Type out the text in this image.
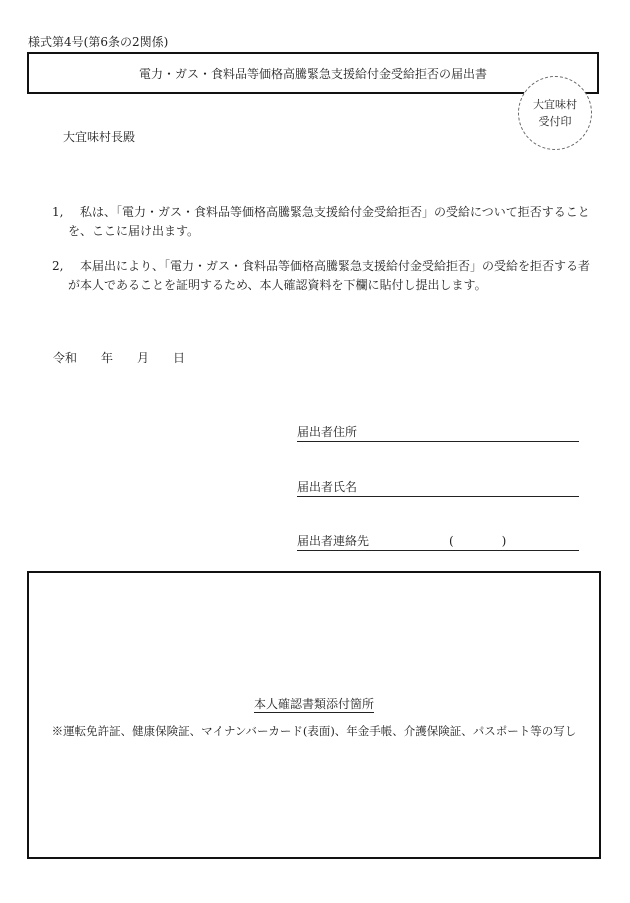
様式第4号(第6条の2関係)
電力・ガス・食料品等価格高騰緊急支援給付金受給拒否の届出書
大宜味村
受付印
大宜味村長殿
1,	私は、「電力・ガス・食料品等価格高騰緊急支援給付金受給拒否」の受給について拒否すること
を、ここに届け出ます。
2,	本届出により、「電力・ガス・食料品等価格高騰緊急支援給付金受給拒否」の受給を拒否する者
が本人であることを証明するため、本人確認資料を下欄に貼付し提出します。
令和　　年　　月　　日
届出者住所
届出者氏名
届出者連絡先	(　　　　)
本人確認書類添付箇所
※運転免許証、健康保険証、マイナンバーカード(表面)、年金手帳、介護保険証、パスポート等の写し
